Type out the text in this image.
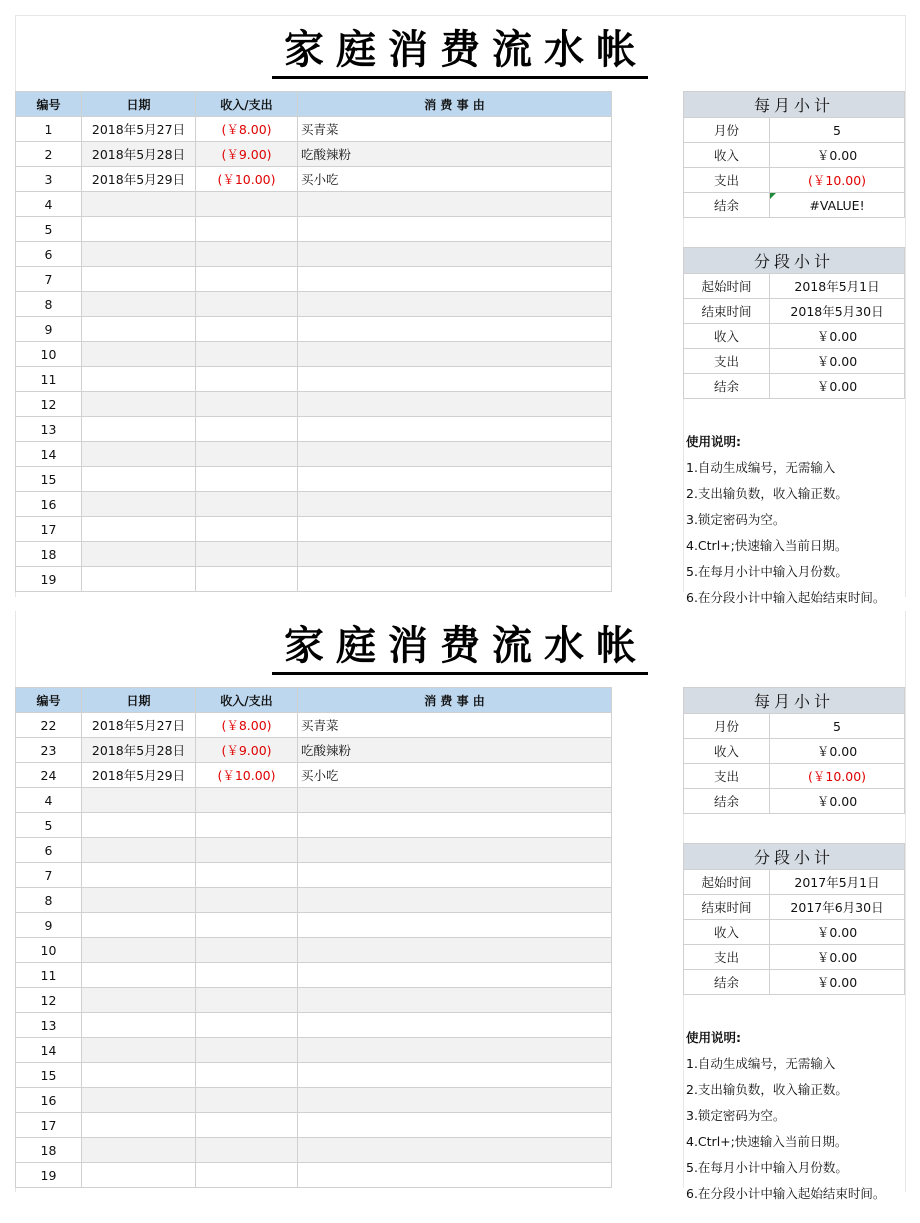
家庭消费流水帐
编号	日期	收入/支出	消 费 事 由	
1	2018年5月27日	(￥8.00)	买青菜	
2	2018年5月28日	(￥9.00)	吃酸辣粉	
3	2018年5月29日	(￥10.00)	买小吃	
4				
5				
6				
7				
8				
9				
10				
11				
12				
13				
14				
15				
16				
17				
18				
19				
每月小计	
月份	5
收入	￥0.00
支出	(￥10.00)
结余	#VALUE!
分段小计	
起始时间	2018年5月1日
结束时间	2018年5月30日
收入	￥0.00
支出	￥0.00
结余	￥0.00
使用说明:
1.自动生成编号，无需输入
2.支出输负数，收入输正数。
3.锁定密码为空。
4.Ctrl+;快速输入当前日期。
5.在每月小计中输入月份数。
6.在分段小计中输入起始结束时间。
家庭消费流水帐
编号	日期	收入/支出	消 费 事 由	
22	2018年5月27日	(￥8.00)	买青菜	
23	2018年5月28日	(￥9.00)	吃酸辣粉	
24	2018年5月29日	(￥10.00)	买小吃	
4				
5				
6				
7				
8				
9				
10				
11				
12				
13				
14				
15				
16				
17				
18				
19				
每月小计	
月份	5
收入	￥0.00
支出	(￥10.00)
结余	￥0.00
分段小计	
起始时间	2017年5月1日
结束时间	2017年6月30日
收入	￥0.00
支出	￥0.00
结余	￥0.00
使用说明:
1.自动生成编号，无需输入
2.支出输负数，收入输正数。
3.锁定密码为空。
4.Ctrl+;快速输入当前日期。
5.在每月小计中输入月份数。
6.在分段小计中输入起始结束时间。
